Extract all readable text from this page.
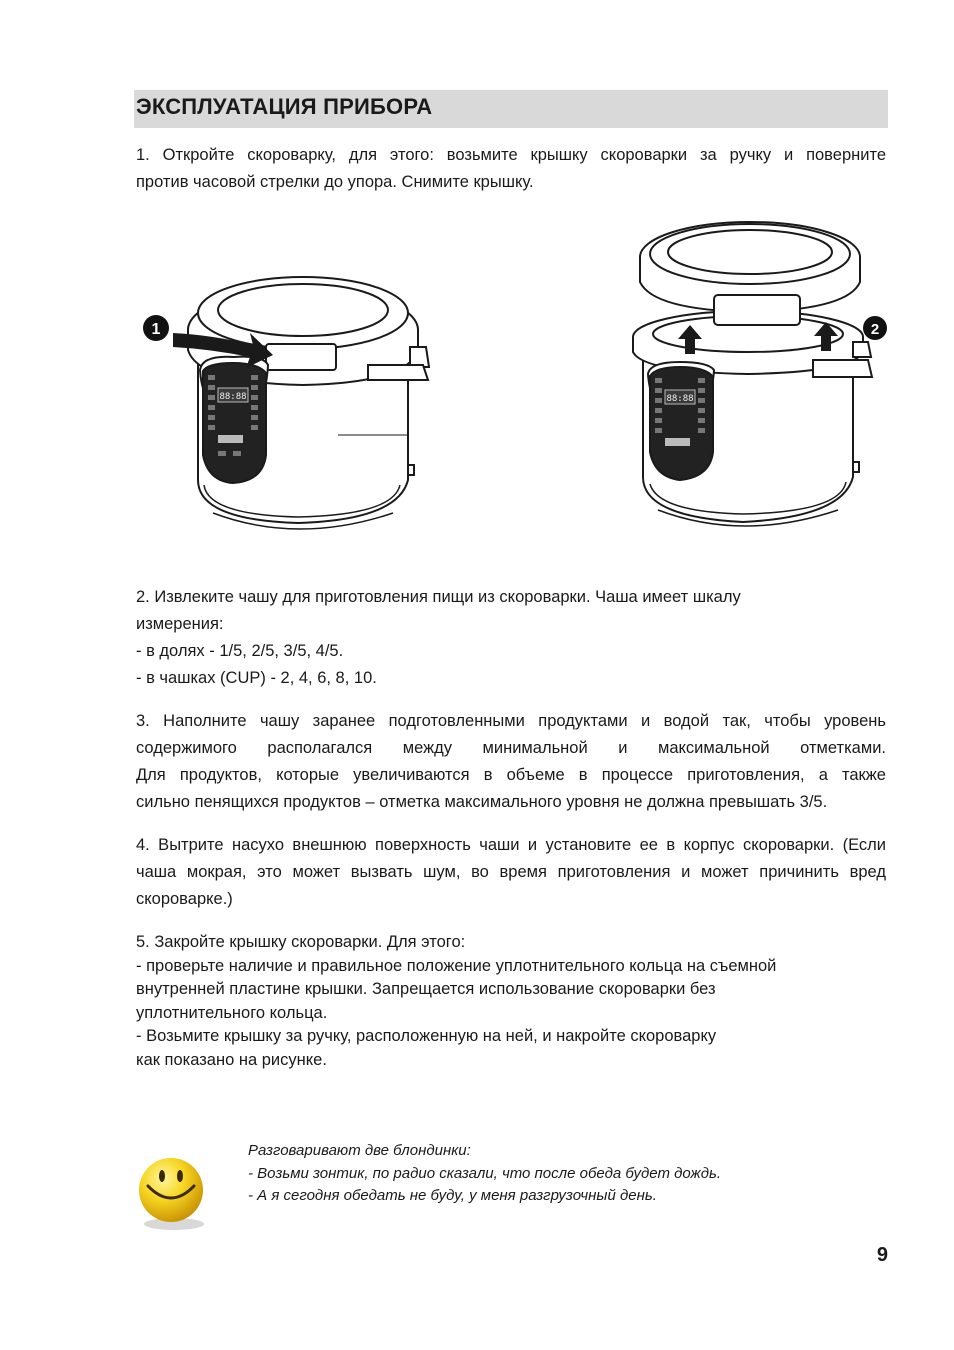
ЭКСПЛУАТАЦИЯ ПРИБОРА
1. Откройте скороварку, для этого: возьмите крышку скороварки за ручку и поверните
против часовой стрелки до упора. Снимите крышку.
88:88
1
88:88
2
2. Извлеките чашу для приготовления пищи из скороварки. Чаша имеет шкалу
измерения:
- в долях - 1/5, 2/5, 3/5, 4/5.
- в чашках (CUP) - 2, 4, 6, 8, 10.
3. Наполните чашу заранее подготовленными продуктами и водой так, чтобы уровень
содержимого располагался между минимальной и максимальной отметками.
Для продуктов, которые увеличиваются в объеме в процессе приготовления, а также
сильно пенящихся продуктов – отметка максимального уровня не должна превышать 3/5.
4. Вытрите насухо внешнюю поверхность чаши и установите ее в корпус скороварки. (Если
чаша мокрая, это может вызвать шум, во время приготовления и может причинить вред
скороварке.)
5. Закройте крышку скороварки. Для этого:
- проверьте наличие и правильное положение уплотнительного кольца на съемной
внутренней пластине крышки. Запрещается использование скороварки без
уплотнительного кольца.
- Возьмите крышку за ручку, расположенную на ней, и накройте скороварку
как показано на рисунке.
Разговаривают две блондинки:
- Возьми зонтик, по радио сказали, что после обеда будет дождь.
- А я сегодня обедать не буду, у меня разгрузочный день.
9
